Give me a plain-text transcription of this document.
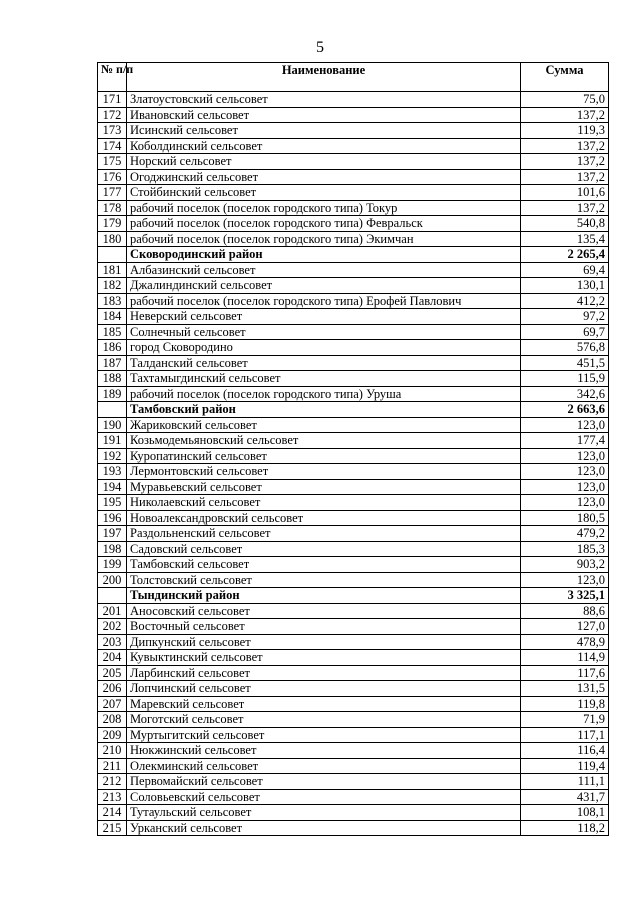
5
№ п/п	Наименование	Сумма
171	Златоустовский сельсовет	75,0
172	Ивановский сельсовет	137,2
173	Исинский сельсовет	119,3
174	Коболдинский сельсовет	137,2
175	Норский сельсовет	137,2
176	Огоджинский сельсовет	137,2
177	Стойбинский сельсовет	101,6
178	рабочий поселок (поселок городского типа) Токур	137,2
179	рабочий поселок (поселок городского типа) Февральск	540,8
180	рабочий поселок (поселок городского типа) Экимчан	135,4
	Сковородинский район	2 265,4
181	Албазинский сельсовет	69,4
182	Джалиндинский сельсовет	130,1
183	рабочий поселок (поселок городского типа) Ерофей Павлович	412,2
184	Неверский сельсовет	97,2
185	Солнечный сельсовет	69,7
186	город Сковородино	576,8
187	Талданский сельсовет	451,5
188	Тахтамыгдинский сельсовет	115,9
189	рабочий поселок (поселок городского типа) Уруша	342,6
	Тамбовский район	2 663,6
190	Жариковский сельсовет	123,0
191	Козьмодемьяновский сельсовет	177,4
192	Куропатинский сельсовет	123,0
193	Лермонтовский сельсовет	123,0
194	Муравьевский сельсовет	123,0
195	Николаевский сельсовет	123,0
196	Новоалександровский сельсовет	180,5
197	Раздольненский сельсовет	479,2
198	Садовский сельсовет	185,3
199	Тамбовский сельсовет	903,2
200	Толстовский сельсовет	123,0
	Тындинский район	3 325,1
201	Аносовский сельсовет	88,6
202	Восточный сельсовет	127,0
203	Дипкунский сельсовет	478,9
204	Кувыктинский сельсовет	114,9
205	Ларбинский сельсовет	117,6
206	Лопчинский сельсовет	131,5
207	Маревский сельсовет	119,8
208	Моготский сельсовет	71,9
209	Муртыгитский сельсовет	117,1
210	Нюкжинский сельсовет	116,4
211	Олекминский сельсовет	119,4
212	Первомайский сельсовет	111,1
213	Соловьевский сельсовет	431,7
214	Тутаульский сельсовет	108,1
215	Урканский сельсовет	118,2
